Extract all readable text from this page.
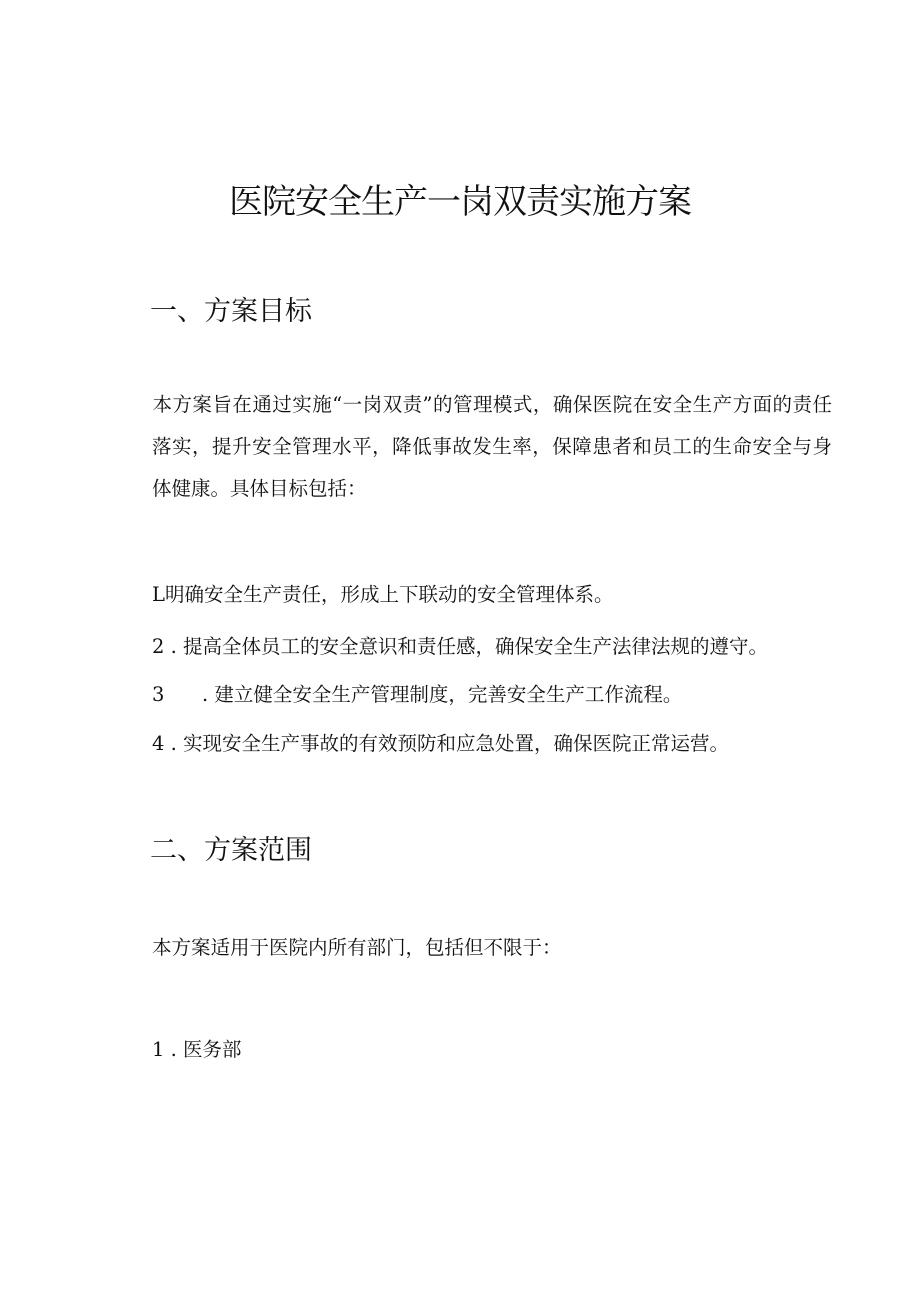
医院安全生产一岗双责实施方案
一、方案目标
本方案旨在通过实施“一岗双责”的管理模式，确保医院在安全生产方面的责任落实，提升安全管理水平，降低事故发生率，保障患者和员工的生命安全与身体健康。具体目标包括：
L明确安全生产责任，形成上下联动的安全管理体系。
2 . 提高全体员工的安全意识和责任感，确保安全生产法律法规的遵守。
3 . 建立健全安全生产管理制度，完善安全生产工作流程。
4 . 实现安全生产事故的有效预防和应急处置，确保医院正常运营。
二、方案范围
本方案适用于医院内所有部门，包括但不限于：
1 . 医务部
